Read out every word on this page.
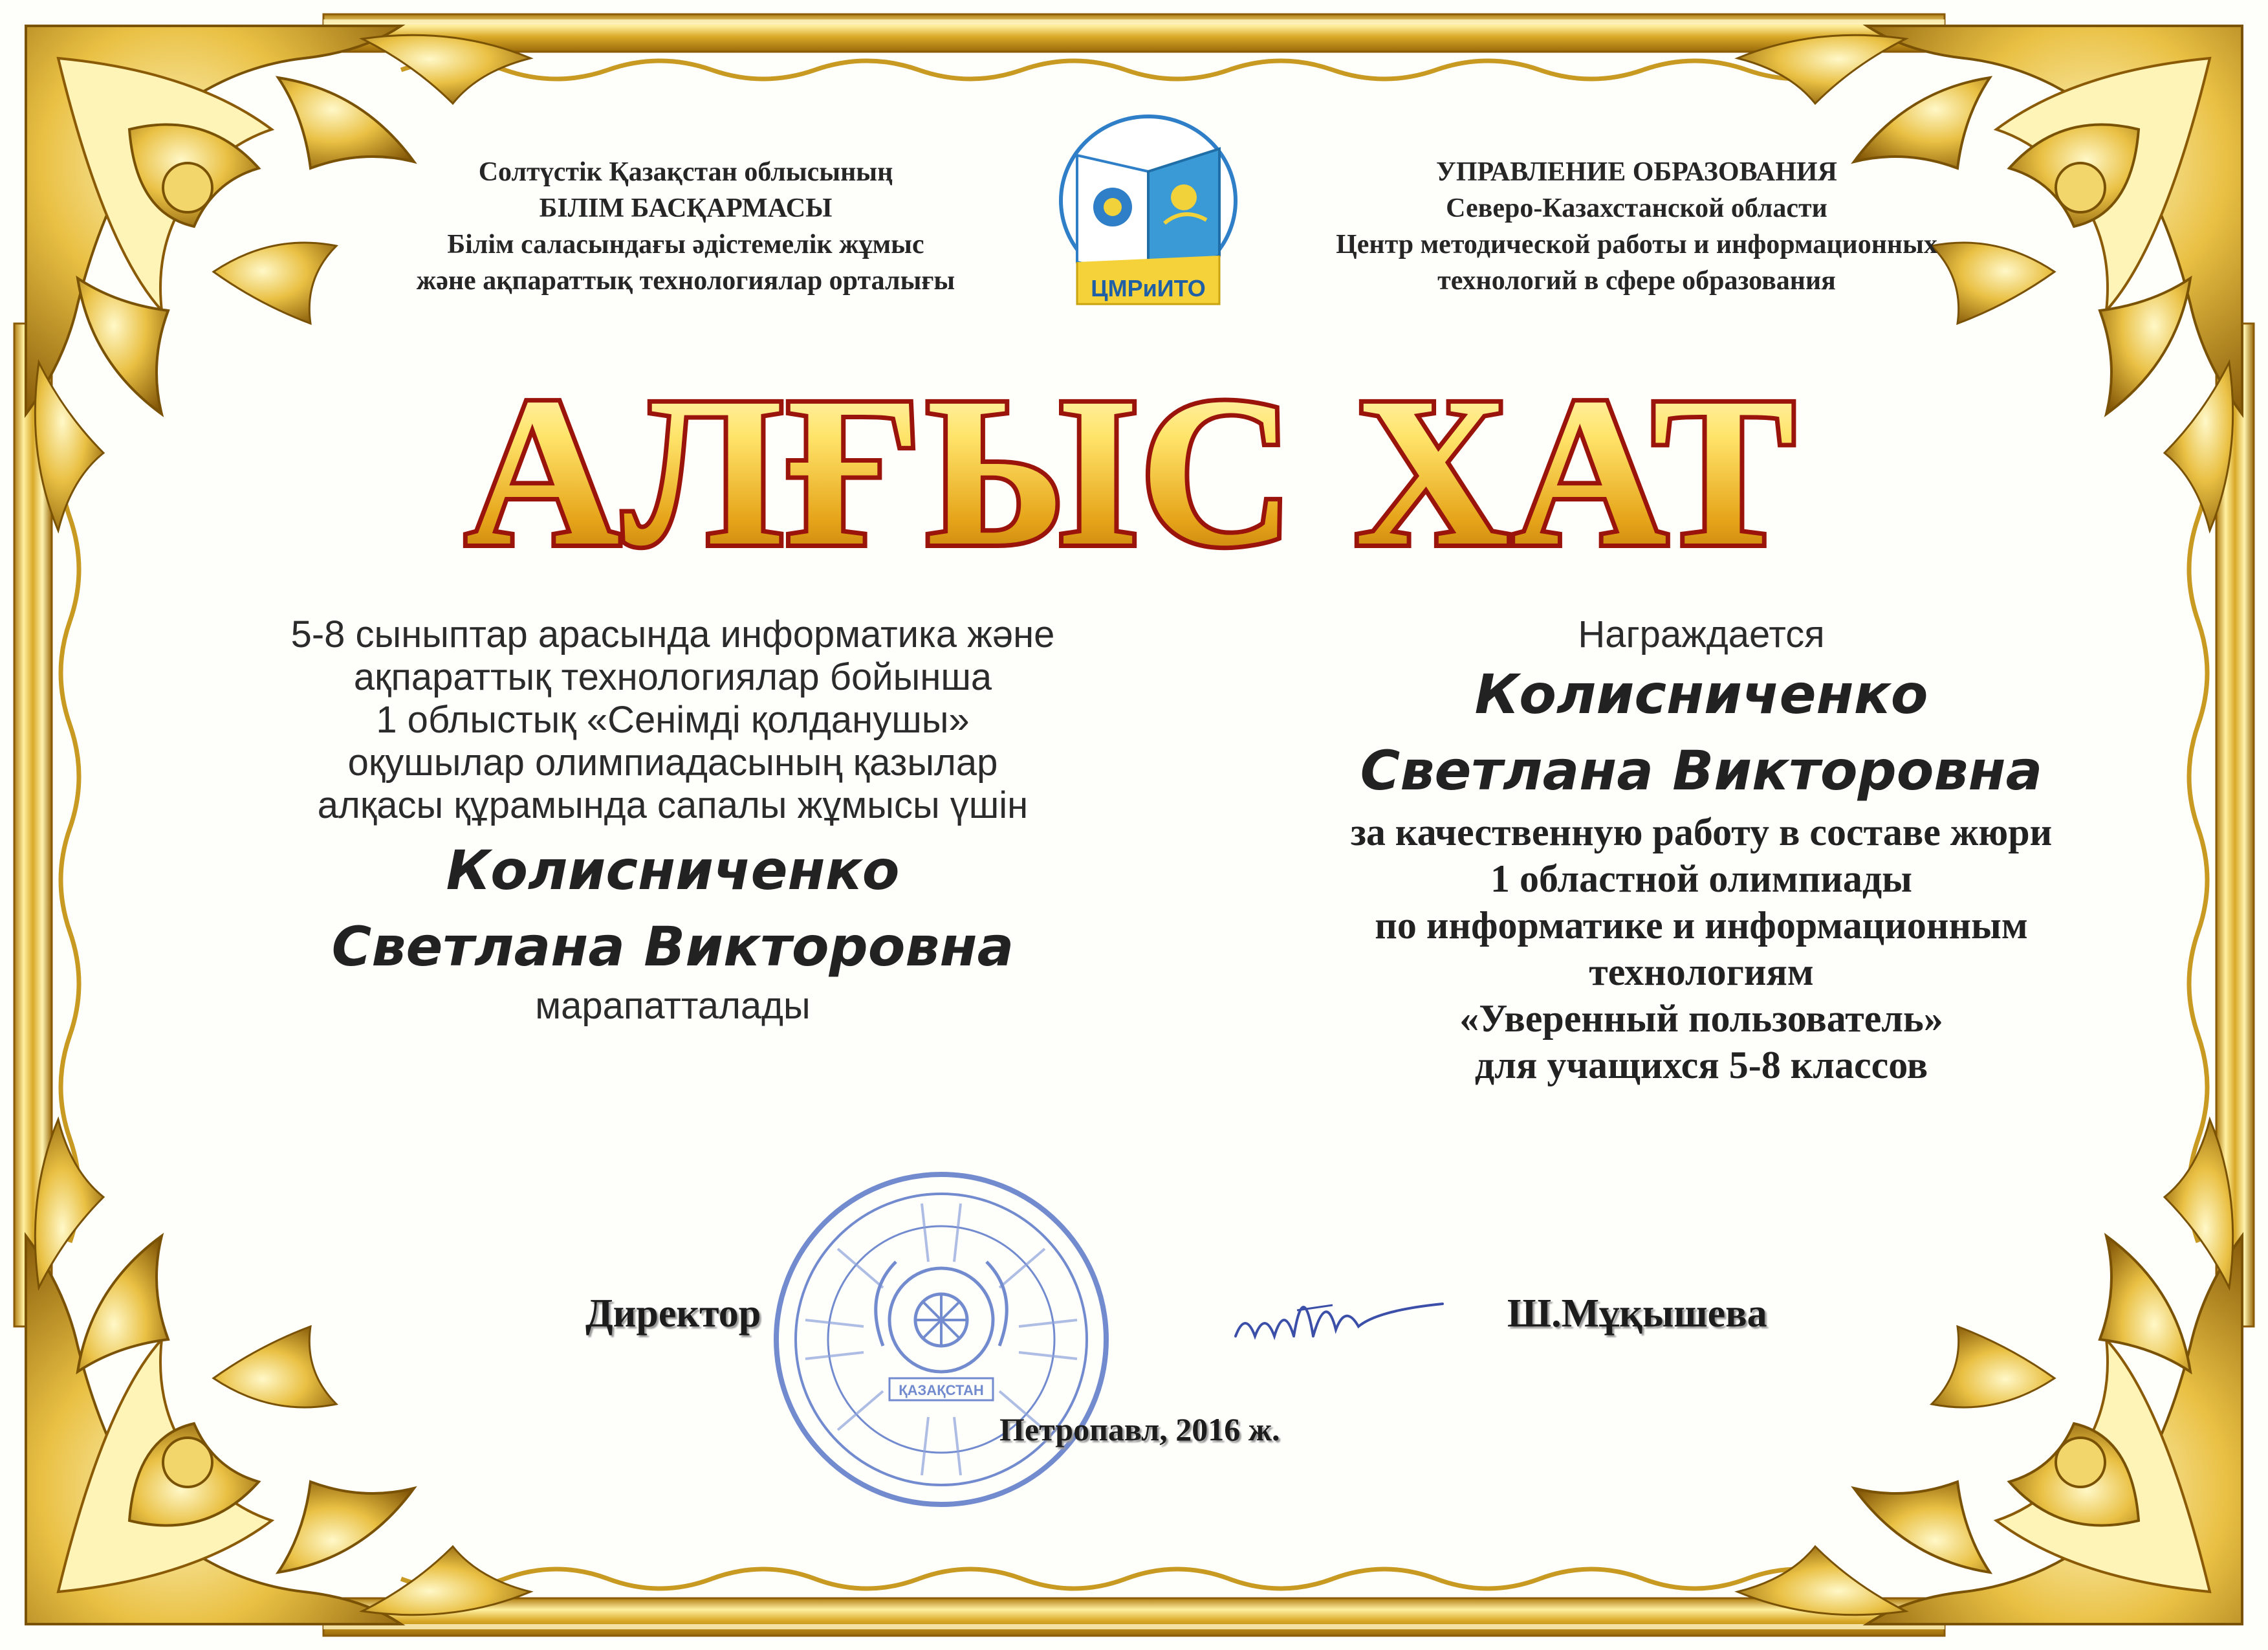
Солтүстік Қазақстан облысының
БІЛІМ БАСҚАРМАСЫ
Білім саласындағы әдістемелік жұмыс
және ақпараттық технологиялар орталығы	ЦМРиИТО
УПРАВЛЕНИЕ ОБРАЗОВАНИЯ
Северо-Казахстанской области
Центр методической работы и информационных
технологий в сфере образования
АЛҒЫС ХАТ
5-8 сыныптар арасында информатика және
ақпараттық технологиялар бойынша
1 облыстық «Сенімді қолданушы»
оқушылар олимпиадасының қазылар
алқасы құрамында сапалы жұмысы үшін
Колисниченко
Светлана Викторовна
марапатталады
Награждается
Колисниченко
Светлана Викторовна
за качественную работу в составе жюри
1 областной олимпиады
по информатике и информационным
технологиям
«Уверенный пользователь»
для учащихся 5-8 классов
ҚАЗАҚСТАН
Директор	Ш.Мұқышева
Петропавл, 2016 ж.
